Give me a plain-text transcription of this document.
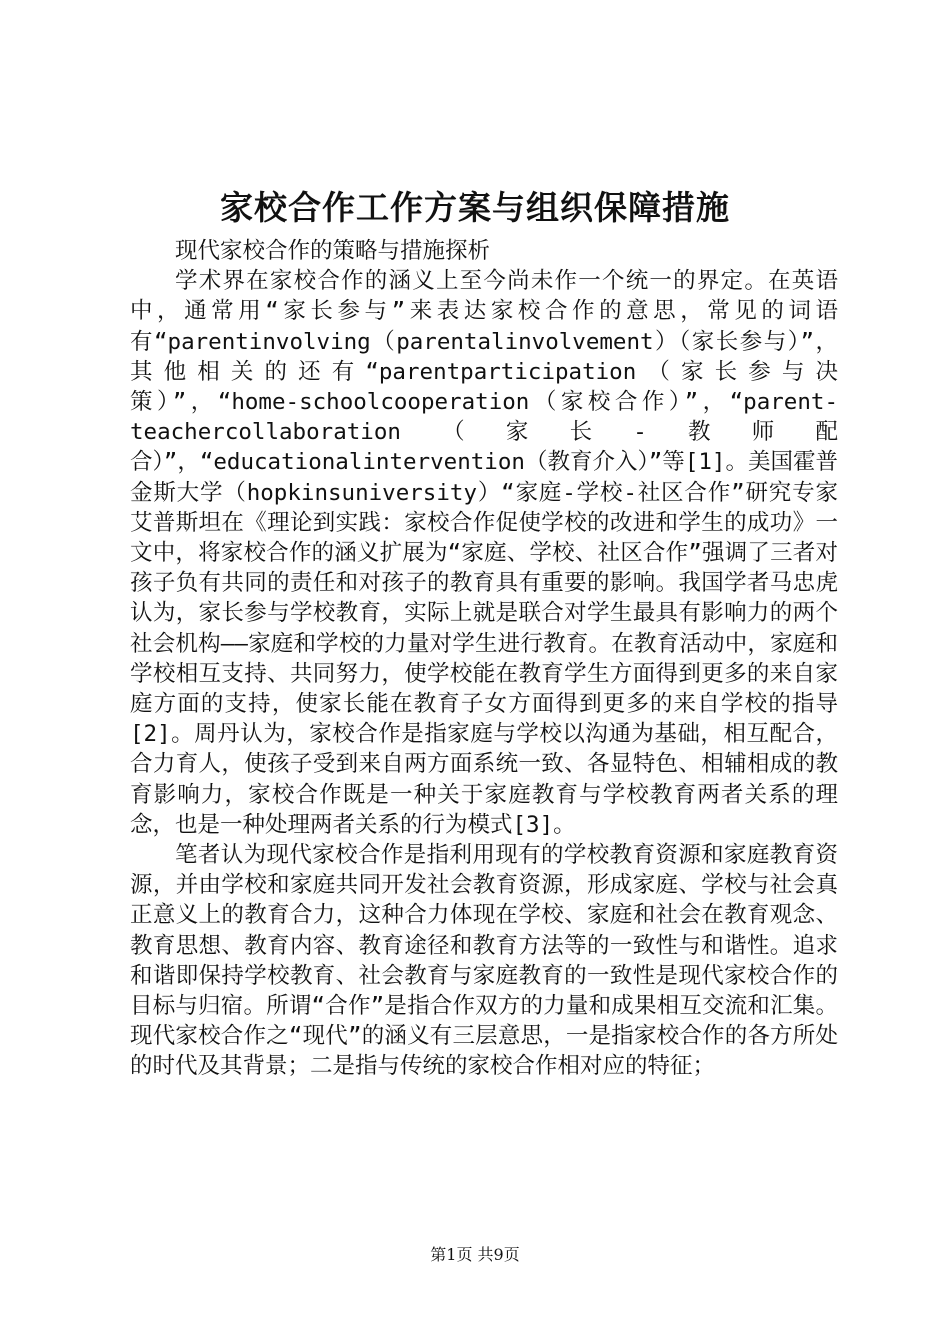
家校合作工作方案与组织保障措施
现代家校合作的策略与措施探析

学术界在家校合作的涵义上至今尚未作一个统一的界定。在英语中，通常用“家长参与”来表达家校合作的意思，常见的词语有“parentinvolving（parentalinvolvement）（家长参与）”，其他相关的还有“parentparticipation（家长参与决策）”，“home-schoolcooperation（家校合作）”，“parent-teachercollaboration（家长-教师配合）”，“educationalintervention（教育介入）”等[1]。美国霍普金斯大学（hopkinsuniversity）“家庭-学校-社区合作”研究专家艾普斯坦在《理论到实践：家校合作促使学校的改进和学生的成功》一文中，将家校合作的涵义扩展为“家庭、学校、社区合作”强调了三者对孩子负有共同的责任和对孩子的教育具有重要的影响。我国学者马忠虎认为，家长参与学校教育，实际上就是联合对学生最具有影响力的两个社会机构——家庭和学校的力量对学生进行教育。在教育活动中，家庭和学校相互支持、共同努力，使学校能在教育学生方面得到更多的来自家庭方面的支持，使家长能在教育子女方面得到更多的来自学校的指导[2]。周丹认为，家校合作是指家庭与学校以沟通为基础，相互配合，合力育人，使孩子受到来自两方面系统一致、各显特色、相辅相成的教育影响力，家校合作既是一种关于家庭教育与学校教育两者关系的理念，也是一种处理两者关系的行为模式[3]。

笔者认为现代家校合作是指利用现有的学校教育资源和家庭教育资源，并由学校和家庭共同开发社会教育资源，形成家庭、学校与社会真正意义上的教育合力，这种合力体现在学校、家庭和社会在教育观念、教育思想、教育内容、教育途径和教育方法等的一致性与和谐性。追求和谐即保持学校教育、社会教育与家庭教育的一致性是现代家校合作的目标与归宿。所谓“合作”是指合作双方的力量和成果相互交流和汇集。现代家校合作之“现代”的涵义有三层意思，一是指家校合作的各方所处的时代及其背景；二是指与传统的家校合作相对应的特征；

第1页 共9页
